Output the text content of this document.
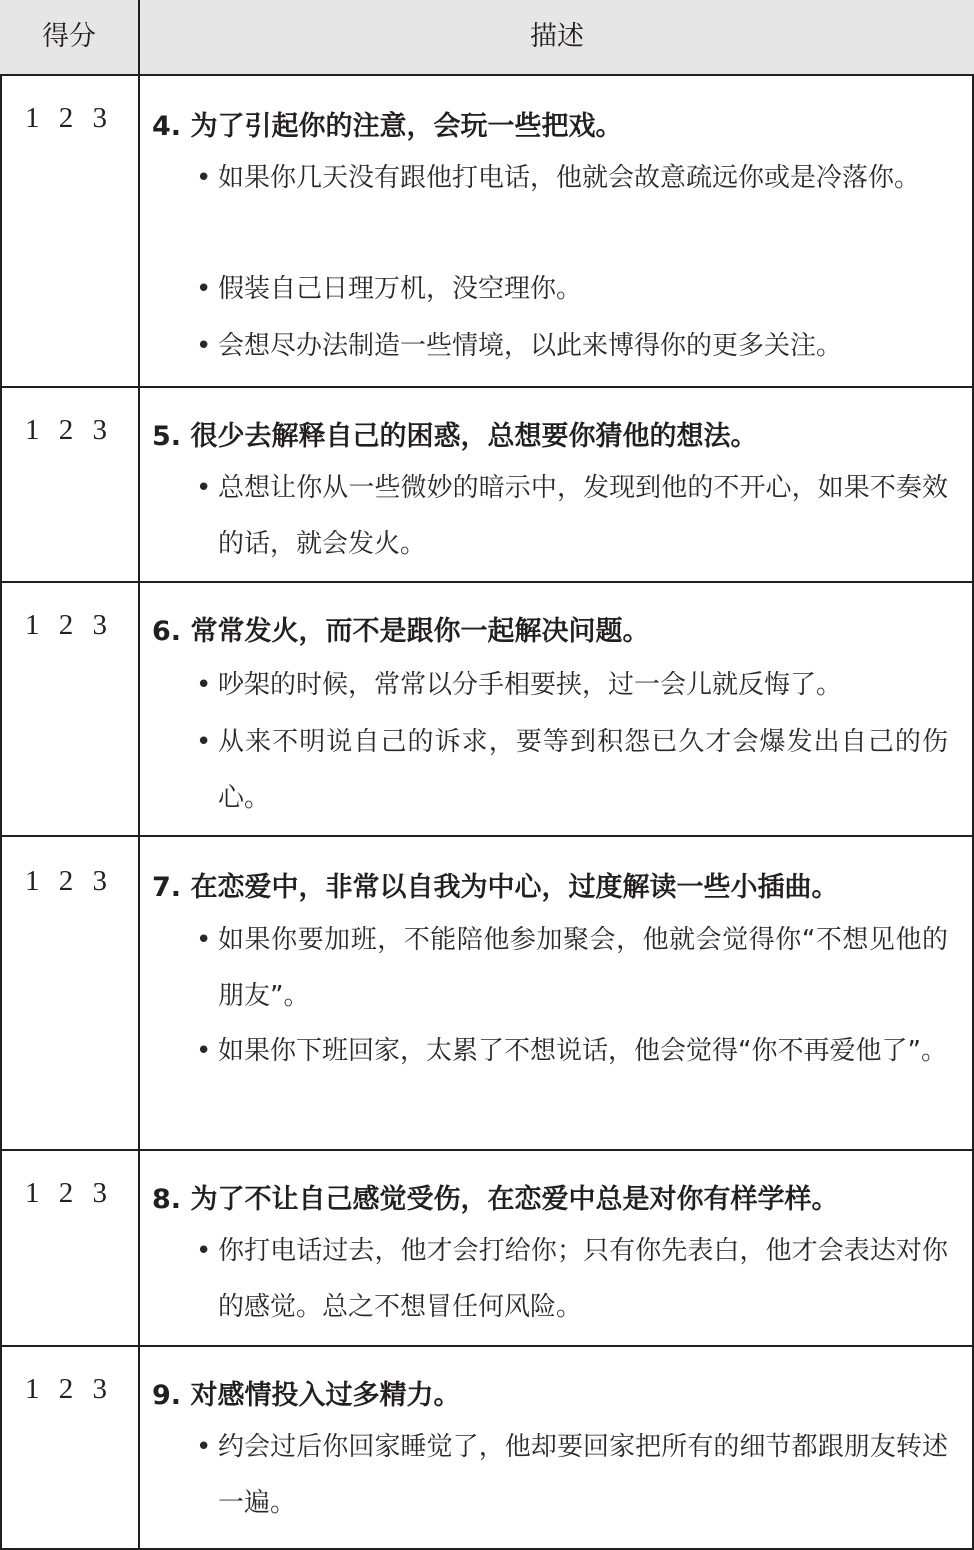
得分	描述
1 2 3	4. 为了引起你的注意，会玩一些把戏。
• 如果你几天没有跟他打电话，他就会故意疏远你或是冷落你。
• 假装自己日理万机，没空理你。
• 会想尽办法制造一些情境，以此来博得你的更多关注。
1 2 3	5. 很少去解释自己的困惑，总想要你猜他的想法。
• 总想让你从一些微妙的暗示中，发现到他的不开心，如果不奏效的话，就会发火。
1 2 3	6. 常常发火，而不是跟你一起解决问题。
• 吵架的时候，常常以分手相要挟，过一会儿就反悔了。
• 从来不明说自己的诉求，要等到积怨已久才会爆发出自己的伤心。
1 2 3	7. 在恋爱中，非常以自我为中心，过度解读一些小插曲。
• 如果你要加班，不能陪他参加聚会，他就会觉得你“不想见他的朋友”。
• 如果你下班回家，太累了不想说话，他会觉得“你不再爱他了”。
1 2 3	8. 为了不让自己感觉受伤，在恋爱中总是对你有样学样。
• 你打电话过去，他才会打给你；只有你先表白，他才会表达对你的感觉。总之不想冒任何风险。
1 2 3	9. 对感情投入过多精力。
• 约会过后你回家睡觉了，他却要回家把所有的细节都跟朋友转述一遍。
